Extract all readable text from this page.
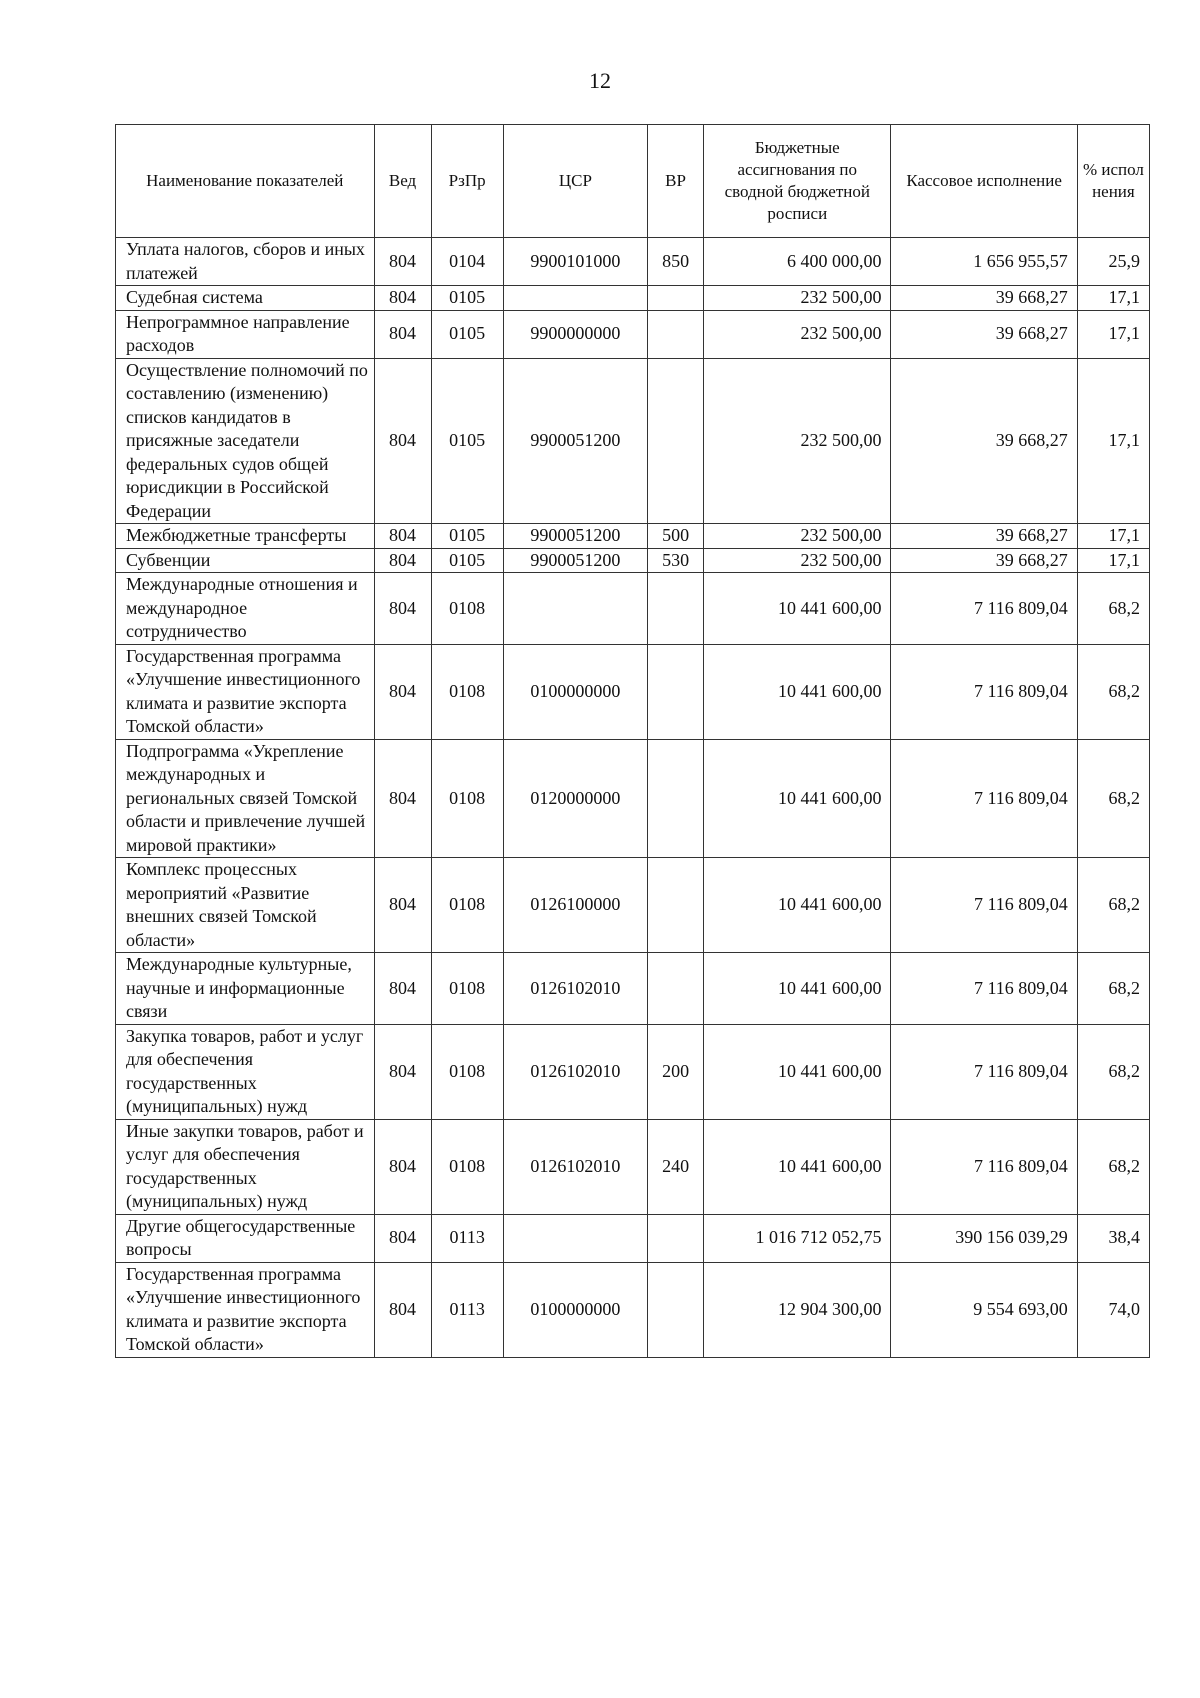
12
Наименование показателей	Вед	РзПр	ЦСР	ВР	Бюджетные ассигнования по сводной бюджетной росписи	Кассовое исполнение	% испол нения
Уплата налогов, сборов и иных платежей	804	0104	9900101000	850	6 400 000,00	1 656 955,57	25,9
Судебная система	804	0105			232 500,00	39 668,27	17,1
Непрограммное направление расходов	804	0105	9900000000		232 500,00	39 668,27	17,1
Осуществление полномочий по составлению (изменению) списков кандидатов в присяжные заседатели федеральных судов общей юрисдикции в Российской Федерации	804	0105	9900051200		232 500,00	39 668,27	17,1
Межбюджетные трансферты	804	0105	9900051200	500	232 500,00	39 668,27	17,1
Субвенции	804	0105	9900051200	530	232 500,00	39 668,27	17,1
Международные отношения и международное сотрудничество	804	0108			10 441 600,00	7 116 809,04	68,2
Государственная программа «Улучшение инвестиционного климата и развитие экспорта Томской области»	804	0108	0100000000		10 441 600,00	7 116 809,04	68,2
Подпрограмма «Укрепление международных и региональных связей Томской области и привлечение лучшей мировой практики»	804	0108	0120000000		10 441 600,00	7 116 809,04	68,2
Комплекс процессных мероприятий «Развитие внешних связей Томской области»	804	0108	0126100000		10 441 600,00	7 116 809,04	68,2
Международные культурные, научные и информационные связи	804	0108	0126102010		10 441 600,00	7 116 809,04	68,2
Закупка товаров, работ и услуг для обеспечения государственных (муниципальных) нужд	804	0108	0126102010	200	10 441 600,00	7 116 809,04	68,2
Иные закупки товаров, работ и услуг для обеспечения государственных (муниципальных) нужд	804	0108	0126102010	240	10 441 600,00	7 116 809,04	68,2
Другие общегосударственные вопросы	804	0113			1 016 712 052,75	390 156 039,29	38,4
Государственная программа «Улучшение инвестиционного климата и развитие экспорта Томской области»	804	0113	0100000000		12 904 300,00	9 554 693,00	74,0
